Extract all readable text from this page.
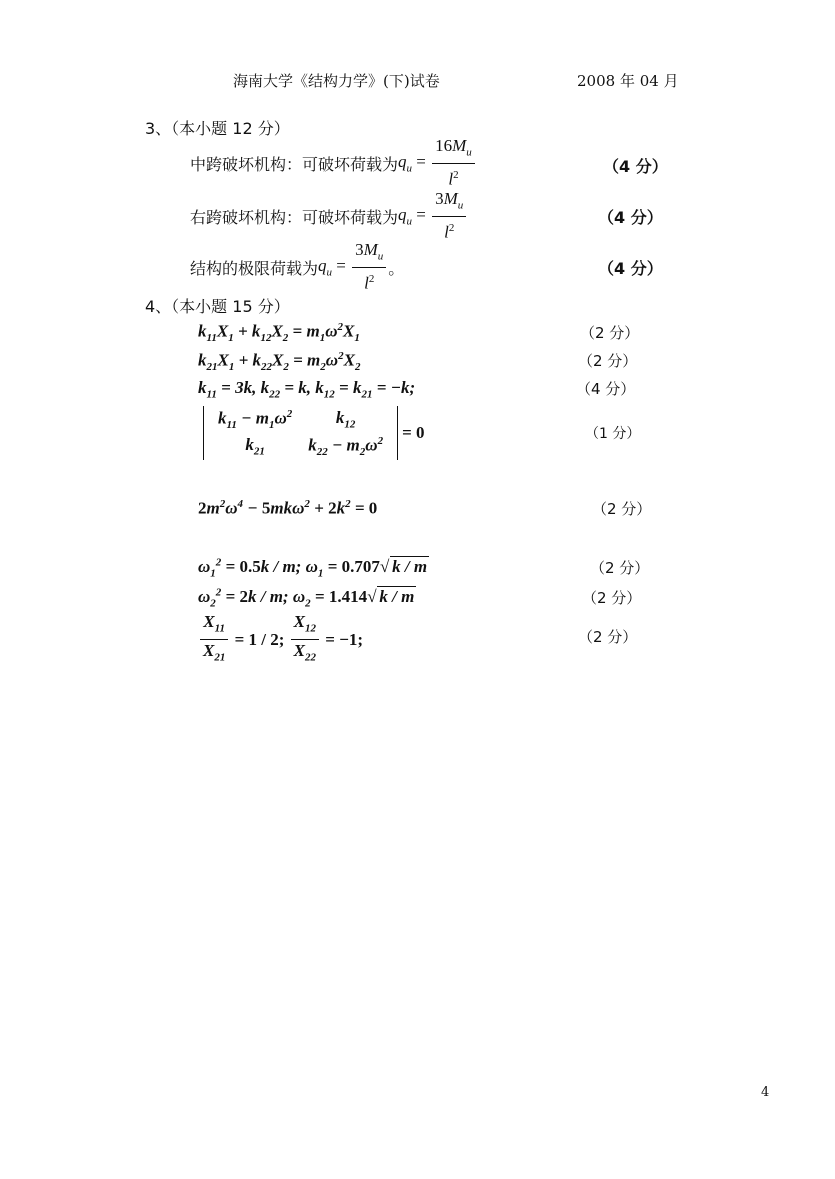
海南大学《结构力学》(下)试卷	2008 年 04 月
3、（本小题 12 分）
中跨破坏机构：可破坏荷载为 $q_u = \frac{16M_u}{l^2}$	（4 分）
右跨破坏机构：可破坏荷载为 $q_u = \frac{3M_u}{l^2}$	（4 分）
结构的极限荷载为 $q_u = \frac{3M_u}{l^2}$ 。	（4 分）
4、（本小题 15 分）
$k_{11}X_1 + k_{12}X_2 = m_1\omega^2X_1$	（2 分）
$k_{21}X_1 + k_{22}X_2 = m_2\omega^2X_2$	（2 分）
$k_{11} = 3k$, $k_{22} = k$, $k_{12} = k_{21} = -k$;	（4 分）
$k_{11} - m_1\omega^2$	$k_{12}$
$k_{21}$	$k_{22} - m_2\omega^2 = 0$	（1 分）
$2m^2\omega^4 - 5mk\omega^2 + 2k^2 = 0$	（2 分）
$\omega_1^2 = 0.5k / m$; $\omega_1 = 0.707√$ k / m	（2 分）
$\omega_2^2 = 2k / m$; $\omega_2 = 1.414√$ k / m	（2 分）
$\frac{X_{11}}{X_{21}} = 1 / 2$; $\frac{X_{12}}{X_{22}} = -1$;	（2 分）
4
